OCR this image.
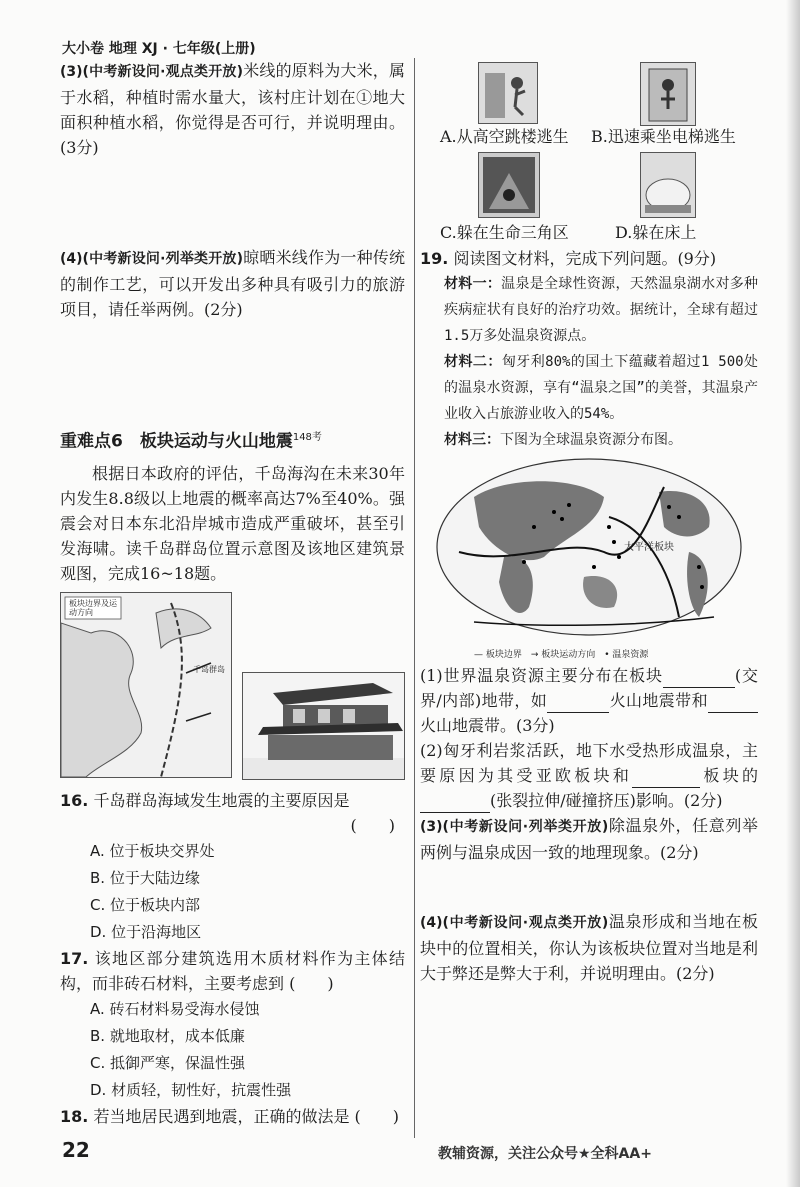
大小卷 地理 XJ · 七年级(上册)

(3)(中考新设问·观点类开放)米线的原料为大米，属于水稻，种植时需水量大，该村庄计划在①地大面积种植水稻，你觉得是否可行，并说明理由。(3分)

(4)(中考新设问·列举类开放)晾晒米线作为一种传统的制作工艺，可以开发出多种具有吸引力的旅游项目，请任举两例。(2分)

重难点6　板块运动与火山地震$^{148考}$

根据日本政府的评估，千岛海沟在未来30年内发生8.8级以上地震的概率高达7%至40%。强震会对日本东北沿岸城市造成严重破坏，甚至引发海啸。读千岛群岛位置示意图及该地区建筑景观图，完成16~18题。

板块边界及运动方向
千岛群岛

16. 千岛群岛海域发生地震的主要原因是

(　　)
A. 位于板块交界处
B. 位于大陆边缘
C. 位于板块内部
D. 位于沿海地区

17. 该地区部分建筑选用木质材料作为主体结构，而非砖石材料，主要考虑到 (　　)

A. 砖石材料易受海水侵蚀
B. 就地取材，成本低廉
C. 抵御严寒，保温性强
D. 材质轻，韧性好，抗震性强

18. 若当地居民遇到地震，正确的做法是 (　　)

A.从高空跳楼逃生 B.迅速乘坐电梯逃生
C.躲在生命三角区	D.躲在床上

19. 阅读图文材料，完成下列问题。(9分)

材料一：温泉是全球性资源，天然温泉湖水对多种疾病症状有良好的治疗功效。据统计，全球有超过1.5万多处温泉资源点。

材料二：匈牙利80%的国土下蕴藏着超过1 500处的温泉水资源，享有“温泉之国”的美誉，其温泉产业收入占旅游业收入的54%。

材料三：下图为全球温泉资源分布图。

太平洋板块
— 板块边界　→ 板块运动方向　• 温泉资源

(1)世界温泉资源主要分布在板块	(交界/内部)地带，如	火山地震带和火山地震带。(3分)

(2)匈牙利岩浆活跃，地下水受热形成温泉，主要原因为其受亚欧板块和	板块的(张裂拉伸/碰撞挤压)影响。(2分)

(3)(中考新设问·列举类开放)除温泉外，任意列举两例与温泉成因一致的地理现象。(2分)

(4)(中考新设问·观点类开放)温泉形成和当地在板块中的位置相关，你认为该板块位置对当地是利大于弊还是弊大于利，并说明理由。(2分)

22	教辅资源，关注公众号★全科AA+
